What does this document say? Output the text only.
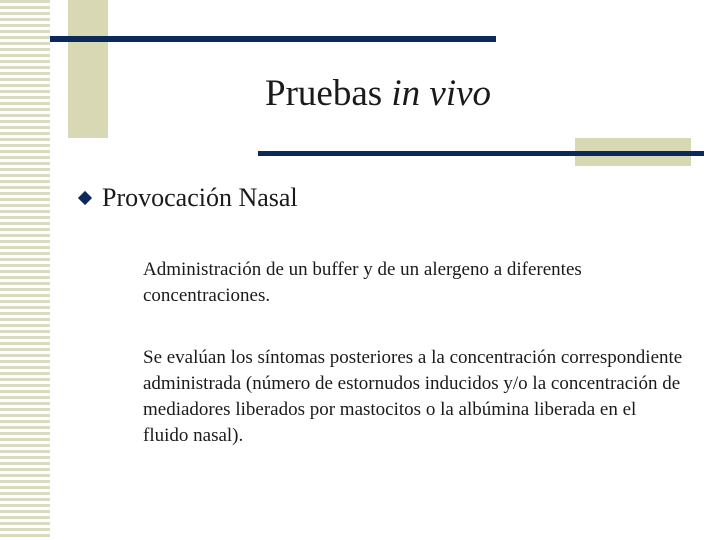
Pruebas in vivo
Provocación Nasal
Administración de un buffer y de un alergeno a diferentes concentraciones.
Se evalúan los síntomas posteriores a la concentración correspondiente administrada (número de estornudos inducidos y/o la concentración de mediadores liberados por mastocitos o la albúmina liberada en el fluido nasal).
